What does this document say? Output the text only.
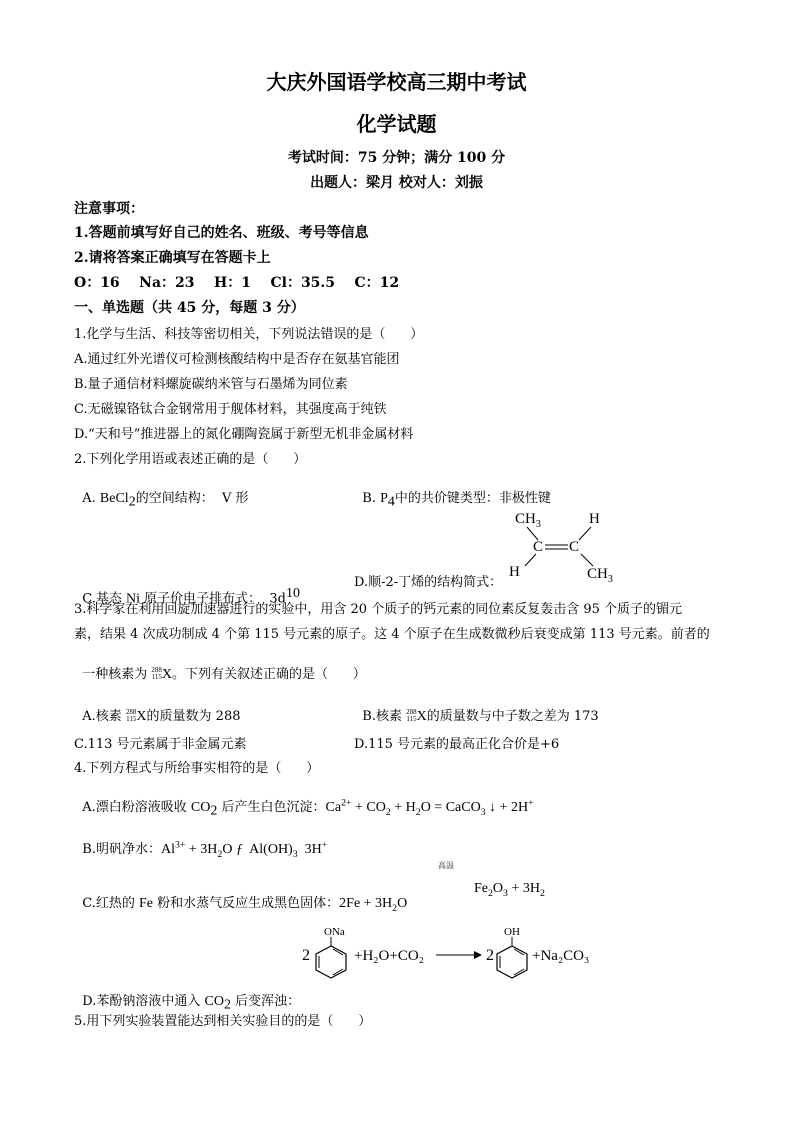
大庆外国语学校高三期中考试
化学试题
考试时间：75 分钟；满分 100 分
出题人：梁月 校对人：刘振
注意事项：
1.答题前填写好自己的姓名、班级、考号等信息
2.请将答案正确填写在答题卡上
O：16    Na：23    H：1    Cl：35.5    C：12
一、单选题（共 45 分，每题 3 分）
1.化学与生活、科技等密切相关，下列说法错误的是（      ）
A.通过红外光谱仪可检测核酸结构中是否存在氨基官能团
B.量子通信材料螺旋碳纳米管与石墨烯为同位素
C.无磁镍铬钛合金钢常用于舰体材料，其强度高于纯铁
D.“天和号”推进器上的氮化硼陶瓷属于新型无机非金属材料
2.下列化学用语或表述正确的是（      ）

A. BeCl$_2$的空间结构：  V 形	B. $P_4$中的共价键类型：非极性键

C.基态 Ni 原子价电子排布式：  $3d^{10}$

D.顺-2-丁烯的结构简式：
$CH_3$	H
C C
H	$CH_3$
3.科学家在利用回旋加速器进行的实验中，用含 20 个质子的钙元素的同位素反复轰击含 95 个质子的镅元
素，结果 4 次成功制成 4 个第 115 号元素的原子。这 4 个原子在生成数微秒后衰变成第 113 号元素。前者的

一种核素为 288
115 X。下列有关叙述正确的是（      ）

A.核素 288
115 X的质量数为 288	B.核素 288
115 X的质量数与中子数之差为 173

C.113 号元素属于非金属元素	D.115 号元素的最高正化合价是+6
4.下列方程式与所给事实相符的是（      ）

A.漂白粉溶液吸收 $CO_2$ 后产生白色沉淀：$Ca^{2+} + CO_2 + H_2O$ = CaCO$_3$ ↓ + 2H+

B.明矾净水：$Al^{3+} + 3H_2O$ ƒ  $Al(OH)_3$  3H+

C.红热的 Fe 粉和水蒸气反应生成黑色固体：$2Fe + 3H_2O$

高温
$Fe_2O_3 + 3H_2$

D.苯酚钠溶液中通入 $CO_2$ 后变浑浊：

2
ONa
+H₂O+CO₂	2
OH
+Na₂CO₃
5.用下列实验装置能达到相关实验目的的是（      ）
